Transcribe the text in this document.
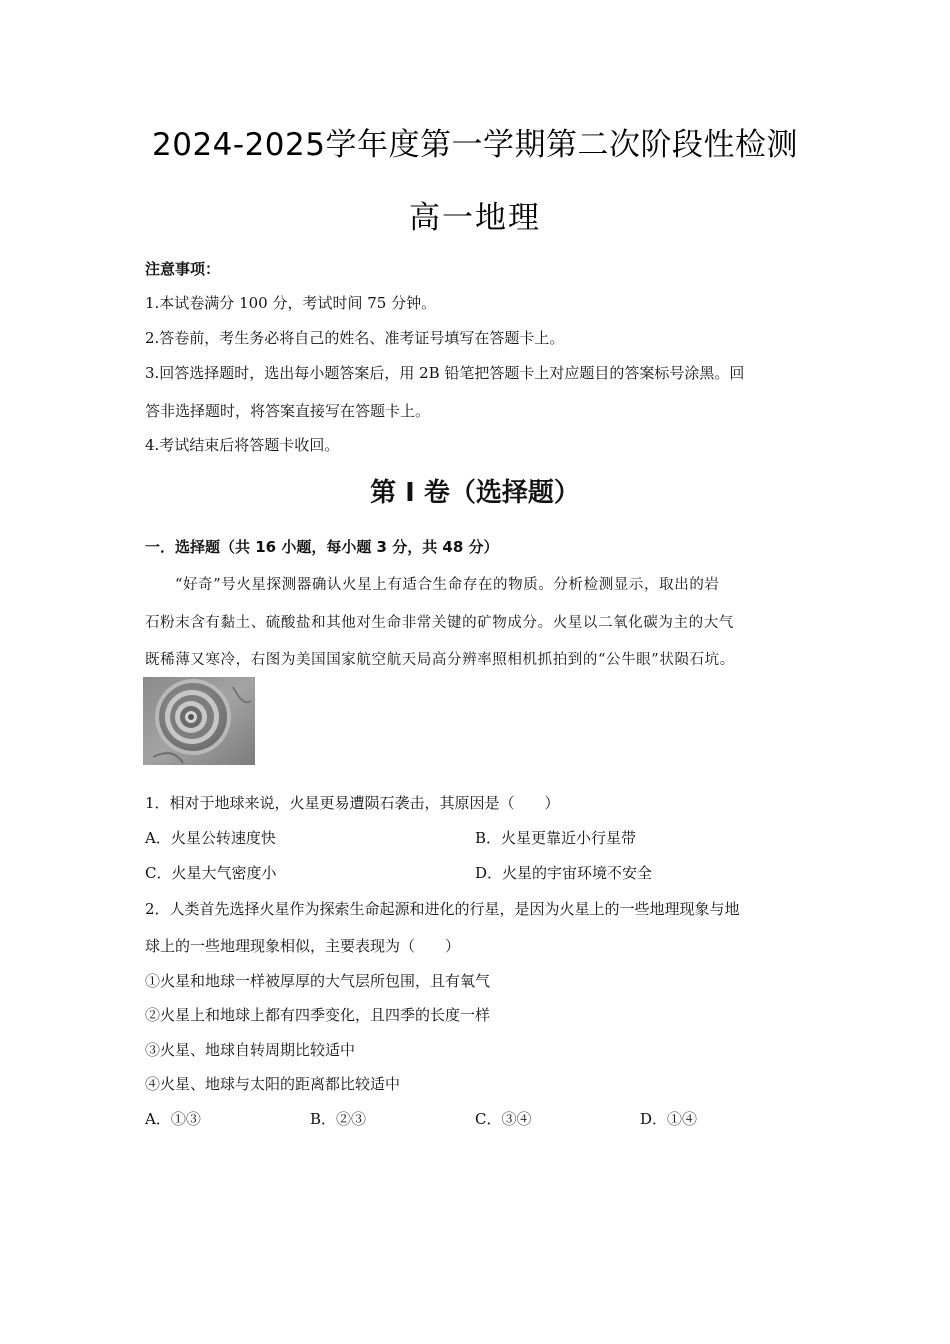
2024-2025学年度第一学期第二次阶段性检测
高一地理
注意事项：
1.本试卷满分 100 分，考试时间 75 分钟。
2.答卷前，考生务必将自己的姓名、准考证号填写在答题卡上。
3.回答选择题时，选出每小题答案后，用 2B 铅笔把答题卡上对应题目的答案标号涂黑。回
答非选择题时，将答案直接写在答题卡上。
4.考试结束后将答题卡收回。
第 I 卷（选择题）
一．选择题（共 16 小题，每小题 3 分，共 48 分）
“好奇”号火星探测器确认火星上有适合生命存在的物质。分析检测显示，取出的岩
石粉末含有黏土、硫酸盐和其他对生命非常关键的矿物成分。火星以二氧化碳为主的大气
既稀薄又寒冷，右图为美国国家航空航天局高分辨率照相机抓拍到的“公牛眼”状陨石坑。
1．相对于地球来说，火星更易遭陨石袭击，其原因是（　　）
A．火星公转速度快	B．火星更靠近小行星带
C．火星大气密度小	D．火星的宇宙环境不安全
2．人类首先选择火星作为探索生命起源和进化的行星，是因为火星上的一些地理现象与地
球上的一些地理现象相似，主要表现为（　　）
①火星和地球一样被厚厚的大气层所包围，且有氧气
②火星上和地球上都有四季变化，且四季的长度一样
③火星、地球自转周期比较适中
④火星、地球与太阳的距离都比较适中
A．①③	B．②③	C．③④	D．①④
